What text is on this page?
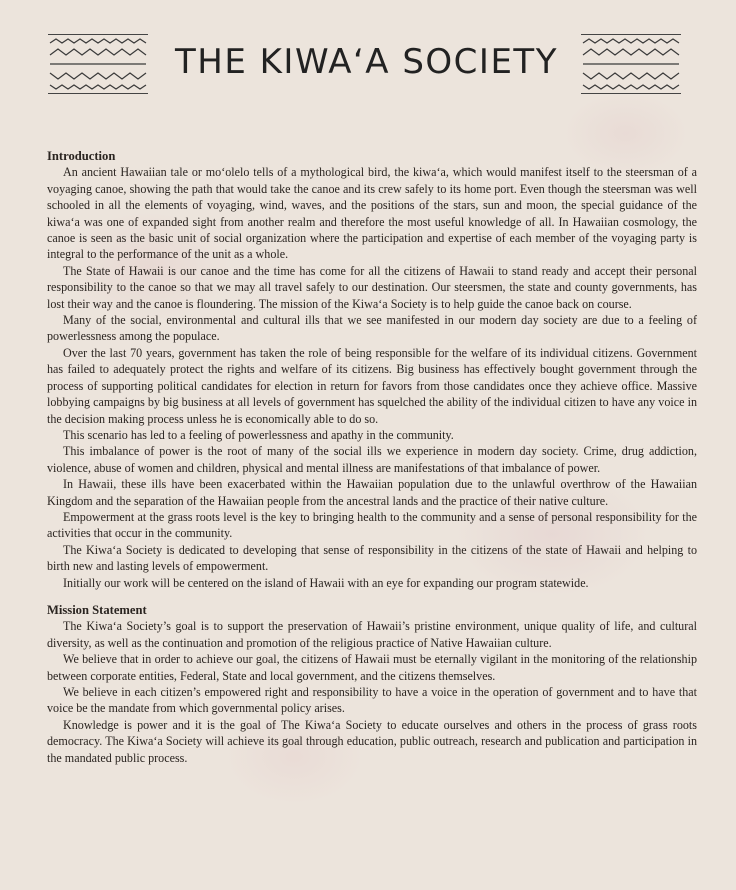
THE KIWA‘A SOCIETY
Introduction

An ancient Hawaiian tale or mo‘olelo tells of a mythological bird, the kiwa‘a, which would manifest itself to the steersman of a voyaging canoe, showing the path that would take the canoe and its crew safely to its home port. Even though the steersman was well schooled in all the elements of voyaging, wind, waves, and the positions of the stars, sun and moon, the special guidance of the kiwa‘a was one of expanded sight from another realm and therefore the most useful knowledge of all. In Hawaiian cosmology, the canoe is seen as the basic unit of social organization where the participation and expertise of each member of the voyaging party is integral to the performance of the unit as a whole.

The State of Hawaii is our canoe and the time has come for all the citizens of Hawaii to stand ready and accept their personal responsibility to the canoe so that we may all travel safely to our destination. Our steersmen, the state and county governments, has lost their way and the canoe is floundering. The mission of the Kiwa‘a Society is to help guide the canoe back on course.

Many of the social, environmental and cultural ills that we see manifested in our modern day society are due to a feeling of powerlessness among the populace.

Over the last 70 years, government has taken the role of being responsible for the welfare of its individual citizens. Government has failed to adequately protect the rights and welfare of its citizens. Big business has effectively bought government through the process of supporting political candidates for election in return for favors from those candidates once they achieve office. Massive lobbying campaigns by big business at all levels of government has squelched the ability of the individual citizen to have any voice in the decision making process unless he is economically able to do so.

This scenario has led to a feeling of powerlessness and apathy in the community.

This imbalance of power is the root of many of the social ills we experience in modern day society. Crime, drug addiction, violence, abuse of women and children, physical and mental illness are manifestations of that imbalance of power.

In Hawaii, these ills have been exacerbated within the Hawaiian population due to the unlawful overthrow of the Hawaiian Kingdom and the separation of the Hawaiian people from the ancestral lands and the practice of their native culture.

Empowerment at the grass roots level is the key to bringing health to the community and a sense of personal responsibility for the activities that occur in the community.

The Kiwa‘a Society is dedicated to developing that sense of responsibility in the citizens of the state of Hawaii and helping to birth new and lasting levels of empowerment.

Initially our work will be centered on the island of Hawaii with an eye for expanding our program statewide.

Mission Statement

The Kiwa‘a Society’s goal is to support the preservation of Hawaii’s pristine environment, unique quality of life, and cultural diversity, as well as the continuation and promotion of the religious practice of Native Hawaiian culture.

We believe that in order to achieve our goal, the citizens of Hawaii must be eternally vigilant in the monitoring of the relationship between corporate entities, Federal, State and local government, and the citizens themselves.

We believe in each citizen’s empowered right and responsibility to have a voice in the operation of government and to have that voice be the mandate from which governmental policy arises.

Knowledge is power and it is the goal of The Kiwa‘a Society to educate ourselves and others in the process of grass roots democracy. The Kiwa‘a Society will achieve its goal through education, public outreach, research and publication and participation in the mandated public process.
